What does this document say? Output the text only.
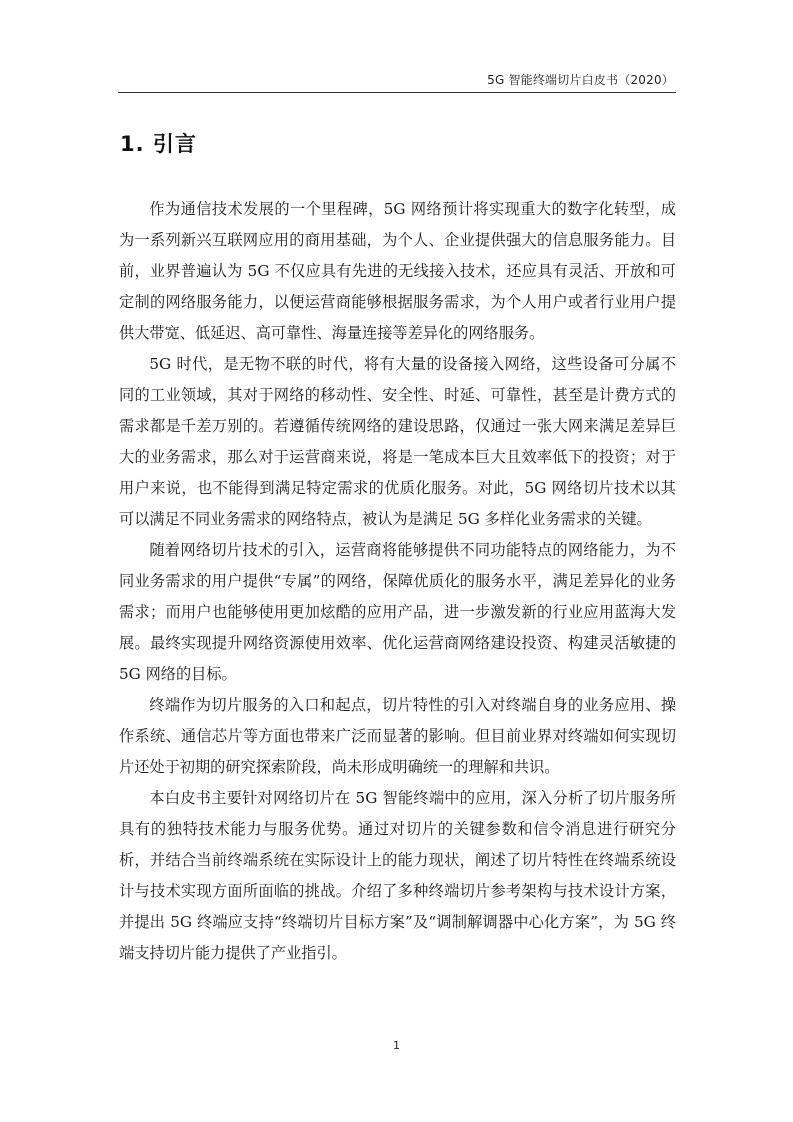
5G 智能终端切片白皮书（2020）
1. 引言

作为通信技术发展的一个里程碑，5G 网络预计将实现重大的数字化转型，成为一系列新兴互联网应用的商用基础，为个人、企业提供强大的信息服务能力。目前，业界普遍认为 5G 不仅应具有先进的无线接入技术，还应具有灵活、开放和可定制的网络服务能力，以便运营商能够根据服务需求，为个人用户或者行业用户提供大带宽、低延迟、高可靠性、海量连接等差异化的网络服务。

5G 时代，是无物不联的时代，将有大量的设备接入网络，这些设备可分属不同的工业领域，其对于网络的移动性、安全性、时延、可靠性，甚至是计费方式的需求都是千差万别的。若遵循传统网络的建设思路，仅通过一张大网来满足差异巨大的业务需求，那么对于运营商来说，将是一笔成本巨大且效率低下的投资；对于用户来说，也不能得到满足特定需求的优质化服务。对此，5G 网络切片技术以其可以满足不同业务需求的网络特点，被认为是满足 5G 多样化业务需求的关键。

随着网络切片技术的引入，运营商将能够提供不同功能特点的网络能力，为不同业务需求的用户提供“专属”的网络，保障优质化的服务水平，满足差异化的业务需求；而用户也能够使用更加炫酷的应用产品，进一步激发新的行业应用蓝海大发展。最终实现提升网络资源使用效率、优化运营商网络建设投资、构建灵活敏捷的 5G 网络的目标。

终端作为切片服务的入口和起点，切片特性的引入对终端自身的业务应用、操作系统、通信芯片等方面也带来广泛而显著的影响。但目前业界对终端如何实现切片还处于初期的研究探索阶段，尚未形成明确统一的理解和共识。

本白皮书主要针对网络切片在 5G 智能终端中的应用，深入分析了切片服务所具有的独特技术能力与服务优势。通过对切片的关键参数和信令消息进行研究分析，并结合当前终端系统在实际设计上的能力现状，阐述了切片特性在终端系统设计与技术实现方面所面临的挑战。介绍了多种终端切片参考架构与技术设计方案，并提出 5G 终端应支持“终端切片目标方案”及“调制解调器中心化方案”，为 5G 终端支持切片能力提供了产业指引。

1
